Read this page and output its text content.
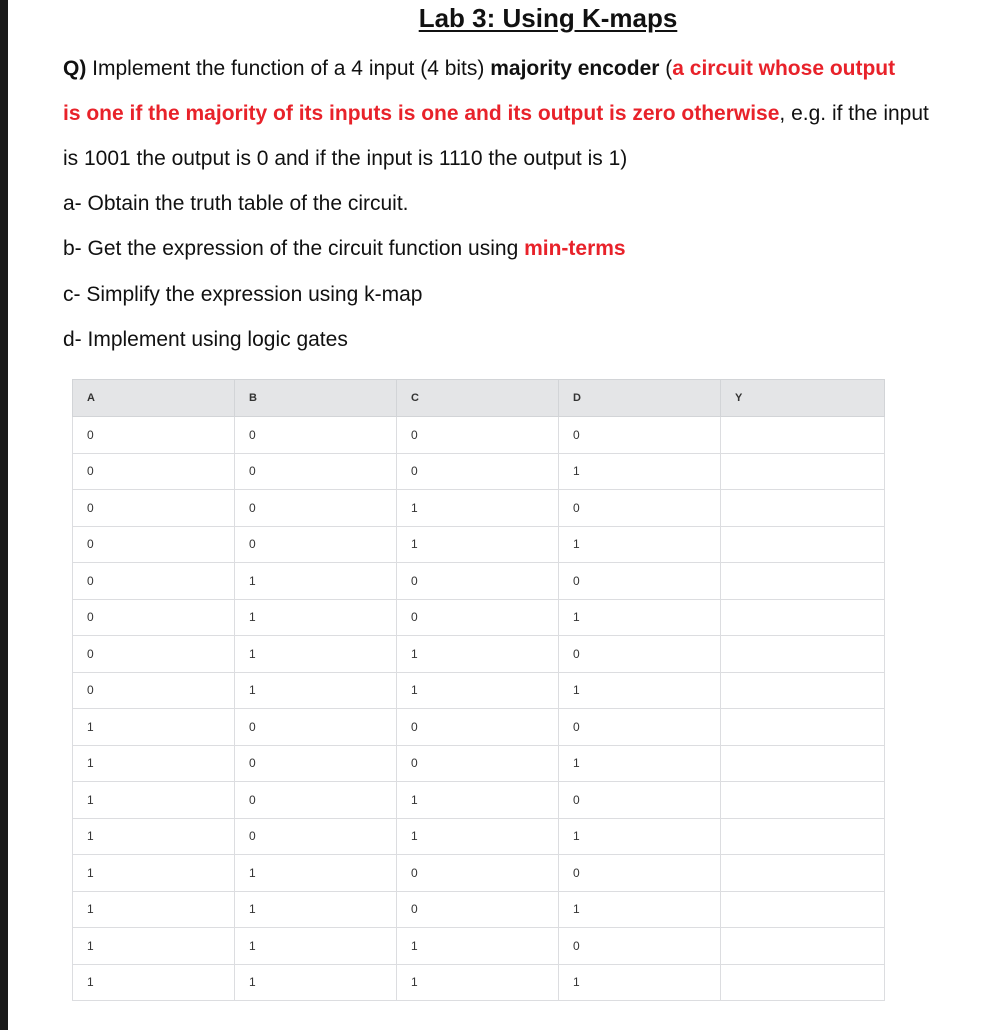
Lab 3: Using K-maps
Q) Implement the function of a 4 input (4 bits) majority encoder (a circuit whose output
is one if the majority of its inputs is one and its output is zero otherwise, e.g. if the input
is 1001 the output is 0 and if the input is 1110 the output is 1)
a- Obtain the truth table of the circuit.
b- Get the expression of the circuit function using min-terms
c- Simplify the expression using k-map
d- Implement using logic gates
A	B	C	D	Y
0	0	0	0	
0	0	0	1	
0	0	1	0	
0	0	1	1	
0	1	0	0	
0	1	0	1	
0	1	1	0	
0	1	1	1	
1	0	0	0	
1	0	0	1	
1	0	1	0	
1	0	1	1	
1	1	0	0	
1	1	0	1	
1	1	1	0	
1	1	1	1	
